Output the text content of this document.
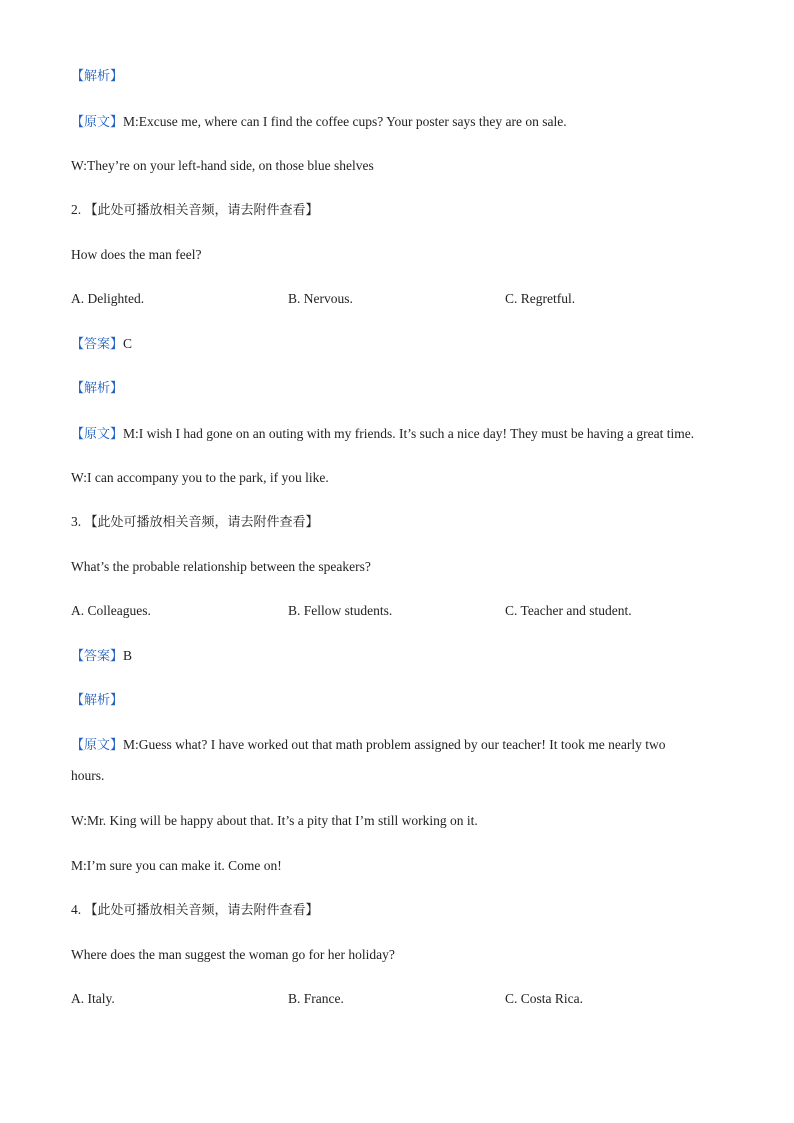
【解析】
【原文】M:Excuse me, where can I find the coffee cups? Your poster says they are on sale.
W:They’re on your left-hand side, on those blue shelves
2. 【此处可播放相关音频，请去附件查看】
How does the man feel?
A. Delighted.	B. Nervous.	C. Regretful.
【答案】C
【解析】
【原文】M:I wish I had gone on an outing with my friends. It’s such a nice day! They must be having a great time.
W:I can accompany you to the park, if you like.
3. 【此处可播放相关音频，请去附件查看】
What’s the probable relationship between the speakers?
A. Colleagues.	B. Fellow students.	C. Teacher and student.
【答案】B
【解析】
【原文】M:Guess what? I have worked out that math problem assigned by our teacher! It took me nearly two
hours.
W:Mr. King will be happy about that. It’s a pity that I’m still working on it.
M:I’m sure you can make it. Come on!
4. 【此处可播放相关音频，请去附件查看】
Where does the man suggest the woman go for her holiday?
A. Italy.	B. France.	C. Costa Rica.
